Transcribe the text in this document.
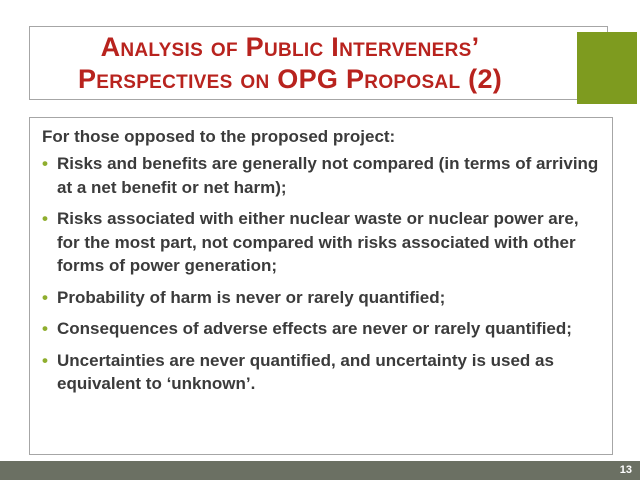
Analysis of Public Interveners’
Perspectives on OPG Proposal (2)
For those opposed to the proposed project:
• Risks and benefits are generally not compared (in terms of arriving at a net benefit or net harm);
• Risks associated with either nuclear waste or nuclear power are, for the most part, not compared with risks associated with other forms of power generation;
• Probability of harm is never or rarely quantified;
• Consequences of adverse effects are never or rarely quantified;
• Uncertainties are never quantified, and uncertainty is used as equivalent to ‘unknown’.
13
